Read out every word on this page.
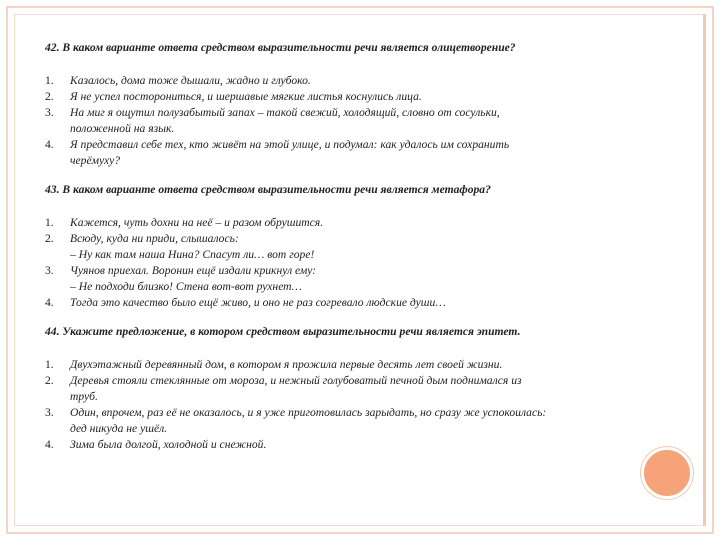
42. В каком варианте ответа средством выразительности речи является олицетворение?
1. Казалось, дома тоже дышали, жадно и глубоко.
2. Я не успел посторониться, и шершавые мягкие листья коснулись лица.
3. На миг я ощутил полузабытый запах – такой свежий, холодящий, словно от сосульки,
положенной на язык.
4. Я представил себе тех, кто живёт на этой улице, и подумал: как удалось им сохранить
черёмуху?
43. В каком варианте ответа средством выразительности речи является метафора?
1. Кажется, чуть дохни на неё – и разом обрушится.
2. Всюду, куда ни приди, слышалось:
– Ну как там наша Нина? Спасут ли… вот горе!
3. Чуянов приехал. Воронин ещё издали крикнул ему:
– Не подходи близко! Стена вот-вот рухнет…
4. Тогда это качество было ещё живо, и оно не раз согревало людские души…
44. Укажите предложение, в котором средством выразительности речи является эпитет.
1. Двухэтажный деревянный дом, в котором я прожила первые десять лет своей жизни.
2. Деревья стояли стеклянные от мороза, и нежный голубоватый печной дым поднимался из
труб.
3. Один, впрочем, раз её не оказалось, и я уже приготовилась зарыдать, но сразу же успокоилась:
дед никуда не ушёл.
4. Зима была долгой, холодной и снежной.
